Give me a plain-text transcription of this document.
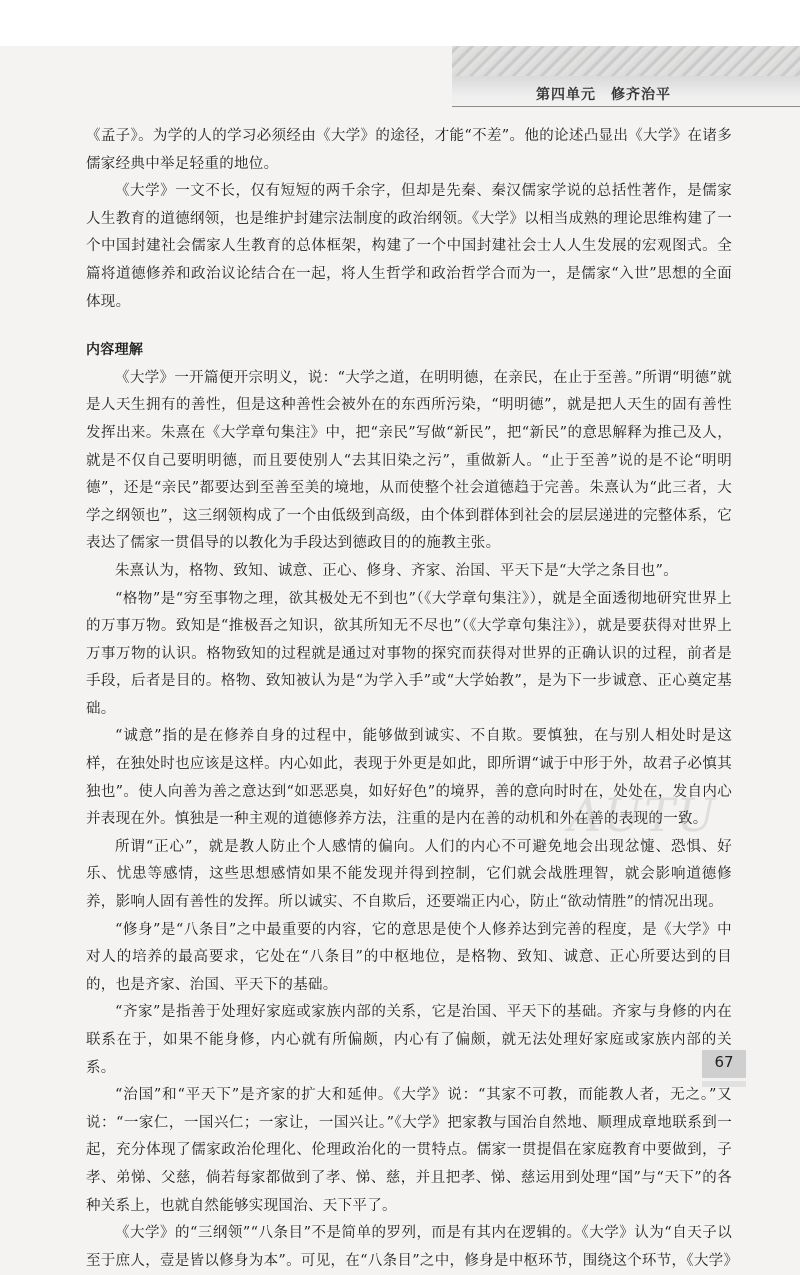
第四单元　修齐治平
AUTU

《孟子》。为学的人的学习必须经由《大学》的途径，才能“不差”。他的论述凸显出《大学》在诸多儒家经典中举足轻重的地位。

《大学》一文不长，仅有短短的两千余字，但却是先秦、秦汉儒家学说的总括性著作，是儒家人生教育的道德纲领，也是维护封建宗法制度的政治纲领。《大学》以相当成熟的理论思维构建了一个中国封建社会儒家人生教育的总体框架，构建了一个中国封建社会士人人生发展的宏观图式。全篇将道德修养和政治议论结合在一起，将人生哲学和政治哲学合而为一，是儒家“入世”思想的全面体现。

内容理解

《大学》一开篇便开宗明义，说：“大学之道，在明明德，在亲民，在止于至善。”所谓“明德”就是人天生拥有的善性，但是这种善性会被外在的东西所污染，“明明德”，就是把人天生的固有善性发挥出来。朱熹在《大学章句集注》中，把“亲民”写做“新民”，把“新民”的意思解释为推己及人，就是不仅自己要明明德，而且要使别人“去其旧染之污”，重做新人。“止于至善”说的是不论“明明德”，还是“亲民”都要达到至善至美的境地，从而使整个社会道德趋于完善。朱熹认为“此三者，大学之纲领也”，这三纲领构成了一个由低级到高级，由个体到群体到社会的层层递进的完整体系，它表达了儒家一贯倡导的以教化为手段达到德政目的的施教主张。

朱熹认为，格物、致知、诚意、正心、修身、齐家、治国、平天下是“大学之条目也”。

“格物”是“穷至事物之理，欲其极处无不到也”（《大学章句集注》），就是全面透彻地研究世界上的万事万物。致知是“推极吾之知识，欲其所知无不尽也”（《大学章句集注》），就是要获得对世界上万事万物的认识。格物致知的过程就是通过对事物的探究而获得对世界的正确认识的过程，前者是手段，后者是目的。格物、致知被认为是“为学入手”或“大学始教”，是为下一步诚意、正心奠定基础。

“诚意”指的是在修养自身的过程中，能够做到诚实、不自欺。要慎独，在与别人相处时是这样，在独处时也应该是这样。内心如此，表现于外更是如此，即所谓“诚于中形于外，故君子必慎其独也”。使人向善为善之意达到“如恶恶臭，如好好色”的境界，善的意向时时在，处处在，发自内心并表现在外。慎独是一种主观的道德修养方法，注重的是内在善的动机和外在善的表现的一致。

所谓“正心”，就是教人防止个人感情的偏向。人们的内心不可避免地会出现忿懥、恐惧、好乐、忧患等感情，这些思想感情如果不能发现并得到控制，它们就会战胜理智，就会影响道德修养，影响人固有善性的发挥。所以诚实、不自欺后，还要端正内心，防止“欲动情胜”的情况出现。

“修身”是“八条目”之中最重要的内容，它的意思是使个人修养达到完善的程度，是《大学》中对人的培养的最高要求，它处在“八条目”的中枢地位，是格物、致知、诚意、正心所要达到的目的，也是齐家、治国、平天下的基础。

“齐家”是指善于处理好家庭或家族内部的关系，它是治国、平天下的基础。齐家与身修的内在联系在于，如果不能身修，内心就有所偏颇，内心有了偏颇，就无法处理好家庭或家族内部的关系。

“治国”和“平天下”是齐家的扩大和延伸。《大学》说：“其家不可教，而能教人者，无之。”又说：“一家仁，一国兴仁；一家让，一国兴让。”《大学》把家教与国治自然地、顺理成章地联系到一起，充分体现了儒家政治伦理化、伦理政治化的一贯特点。儒家一贯提倡在家庭教育中要做到，子孝、弟悌、父慈，倘若每家都做到了孝、悌、慈，并且把孝、悌、慈运用到处理“国”与“天下”的各种关系上，也就自然能够实现国治、天下平了。

《大学》的“三纲领”“八条目”不是简单的罗列，而是有其内在逻辑的。《大学》认为“自天子以至于庶人，壹是皆以修身为本”。可见，在“八条目”之中，修身是中枢环节，围绕这个环节，《大学》

67
